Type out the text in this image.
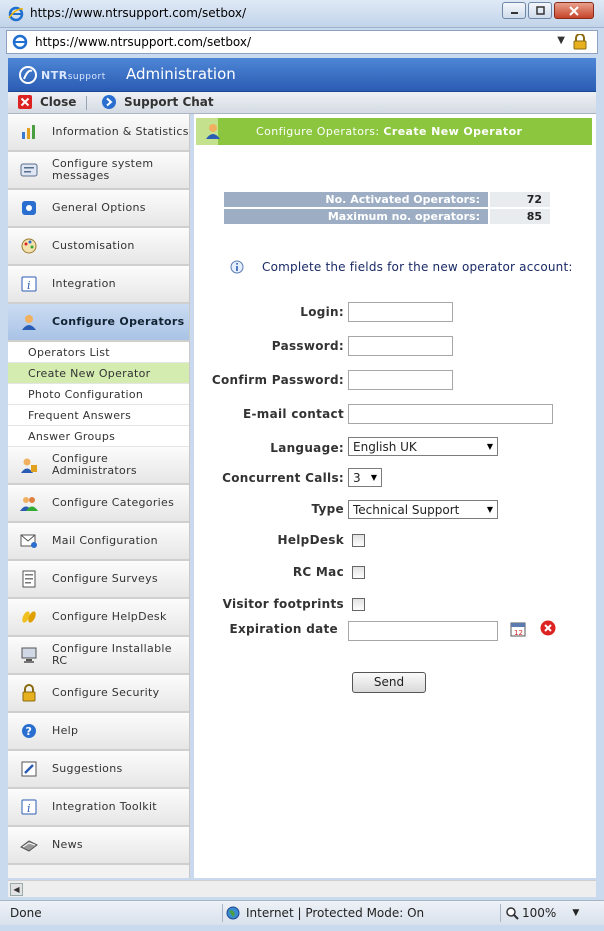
https://www.ntrsupport.com/setbox/
https://www.ntrsupport.com/setbox/	▼
NTRsupport Administration
Close	Support Chat
Information & Statistics
Configure system messages
General Options
Customisation
i Integration
Configure Operators
Operators List
Create New Operator
Photo Configuration
Frequent Answers
Answer Groups
Configure Administrators
Configure Categories
Mail Configuration
Configure Surveys
Configure HelpDesk
Configure Installable RC
Configure Security
? Help
Suggestions
i Integration Toolkit
News
Configure Operators: Create New Operator
No. Activated Operators:	72
Maximum no. operators:	85
Complete the fields for the new operator account:
Login:
Password:
Confirm Password:
E-mail contact
Language: English UK	▼
Concurrent Calls: 3 ▼
Type Technical Support	▼
HelpDesk
RC Mac
Visitor footprints
Expiration date	12
Send
◀
Done	Internet | Protected Mode: On	100% ▼
